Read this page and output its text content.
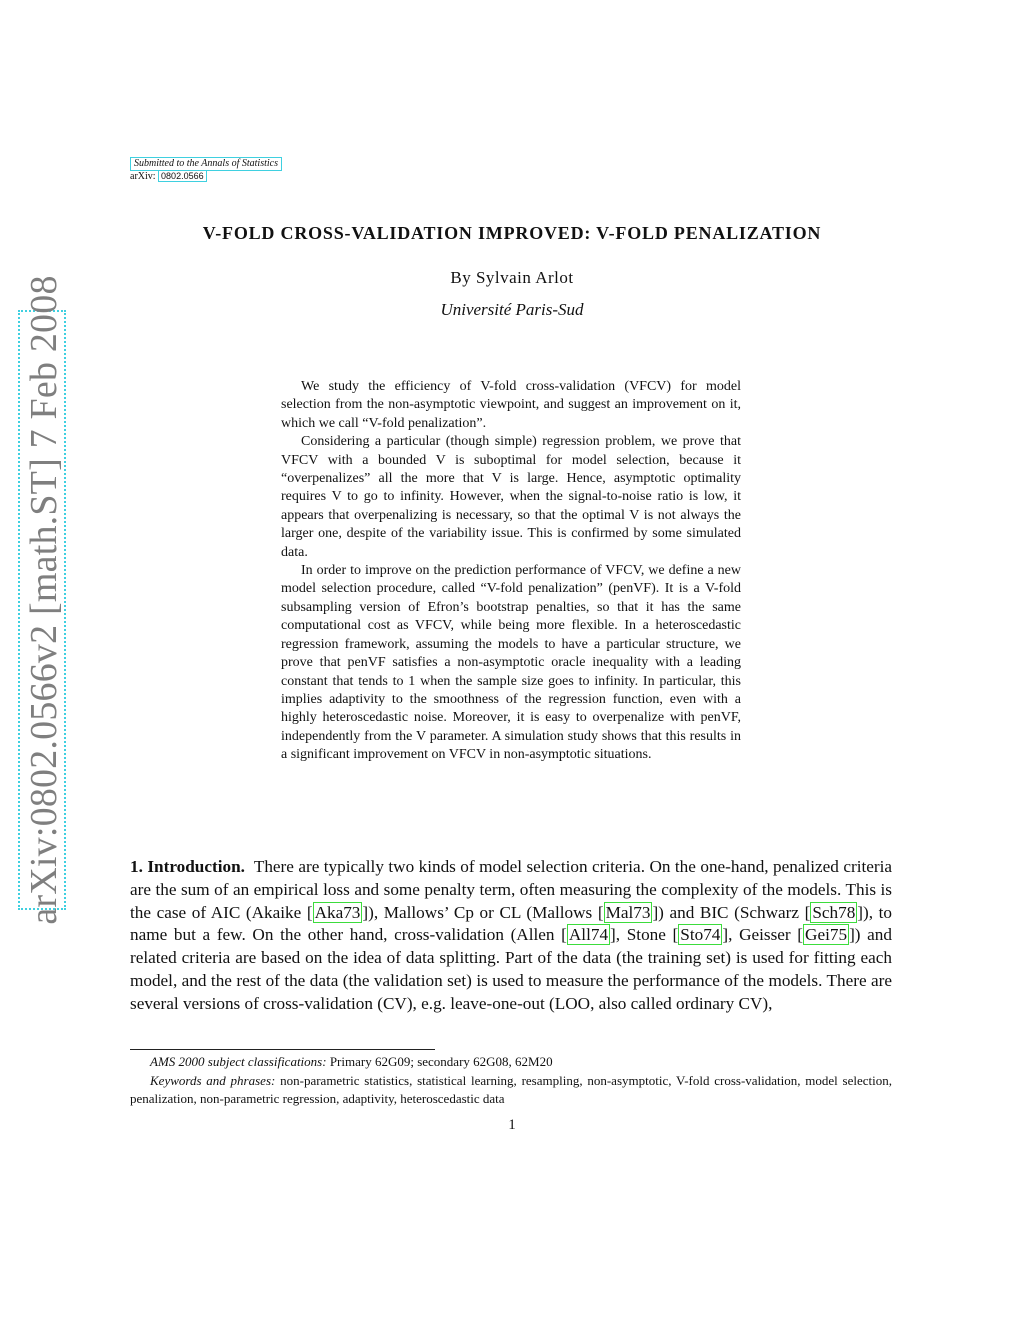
arXiv:0802.0566v2 [math.ST] 7 Feb 2008
Submitted to the Annals of Statistics
arXiv: 0802.0566
V-FOLD CROSS-VALIDATION IMPROVED: V-FOLD PENALIZATION
By Sylvain Arlot
Université Paris-Sud

We study the efficiency of V-fold cross-validation (VFCV) for model selection from the non-asymptotic viewpoint, and suggest an improvement on it, which we call “V-fold penalization”.

Considering a particular (though simple) regression problem, we prove that VFCV with a bounded V is suboptimal for model selection, because it “overpenalizes” all the more that V is large. Hence, asymptotic optimality requires V to go to infinity. However, when the signal-to-noise ratio is low, it appears that overpenalizing is necessary, so that the optimal V is not always the larger one, despite of the variability issue. This is confirmed by some simulated data.

In order to improve on the prediction performance of VFCV, we define a new model selection procedure, called “V-fold penalization” (penVF). It is a V-fold subsampling version of Efron’s bootstrap penalties, so that it has the same computational cost as VFCV, while being more flexible. In a heteroscedastic regression framework, assuming the models to have a particular structure, we prove that penVF satisfies a non-asymptotic oracle inequality with a leading constant that tends to 1 when the sample size goes to infinity. In particular, this implies adaptivity to the smoothness of the regression function, even with a highly heteroscedastic noise. Moreover, it is easy to overpenalize with penVF, independently from the V parameter. A simulation study shows that this results in a significant improvement on VFCV in non-asymptotic situations.

1. Introduction. There are typically two kinds of model selection criteria. On the one-hand, penalized criteria are the sum of an empirical loss and some penalty term, often measuring the complexity of the models. This is the case of AIC (Akaike [ Aka73 ]), Mallows’ Cp or CL (Mallows [ Mal73 ]) and BIC (Schwarz [ Sch78 ]), to name but a few. On the other hand, cross-validation (Allen [ All74 ], Stone [ Sto74 ], Geisser [ Gei75 ]) and related criteria are based on the idea of data splitting. Part of the data (the training set) is used for fitting each model, and the rest of the data (the validation set) is used to measure the performance of the models. There are several versions of cross-validation (CV), e.g. leave-one-out (LOO, also called ordinary CV),

AMS 2000 subject classifications: Primary 62G09; secondary 62G08, 62M20

Keywords and phrases: non-parametric statistics, statistical learning, resampling, non-asymptotic, V-fold cross-validation, model selection, penalization, non-parametric regression, adaptivity, heteroscedastic data

1
